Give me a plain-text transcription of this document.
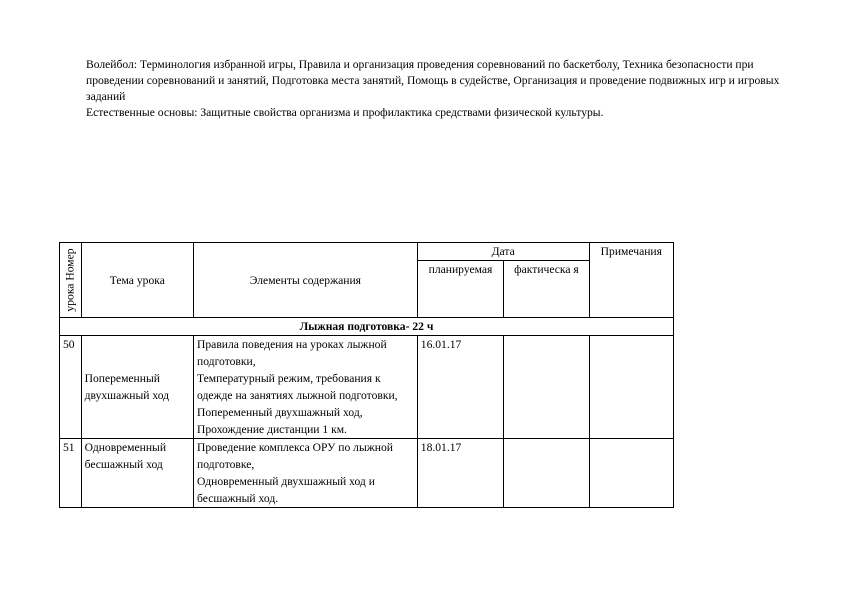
Волейбол: Терминология избранной игры, Правила и организация проведения соревнований по баскетболу, Техника безопасности при проведении соревнований и занятий, Подготовка места занятий, Помощь в судействе, Организация и проведение подвижных игр и игровых заданий

Естественные основы: Защитные свойства организма и профилактика средствами физической культуры.

урока Номер	Тема урока	Элементы содержания	Дата		Примечания
			планируемая	фактическа я	
Лыжная подготовка- 22 ч					
50	Попеременный двухшажный ход	Правила поведения на уроках лыжной подготовки,
Температурный режим, требования к одежде на занятиях лыжной подготовки,
Попеременный двухшажный ход,
Прохождение дистанции 1 км.	16.01.17		
51	Одновременный бесшажный ход	Проведение комплекса ОРУ по лыжной подготовке,
Одновременный двухшажный ход и бесшажный ход.	18.01.17		
